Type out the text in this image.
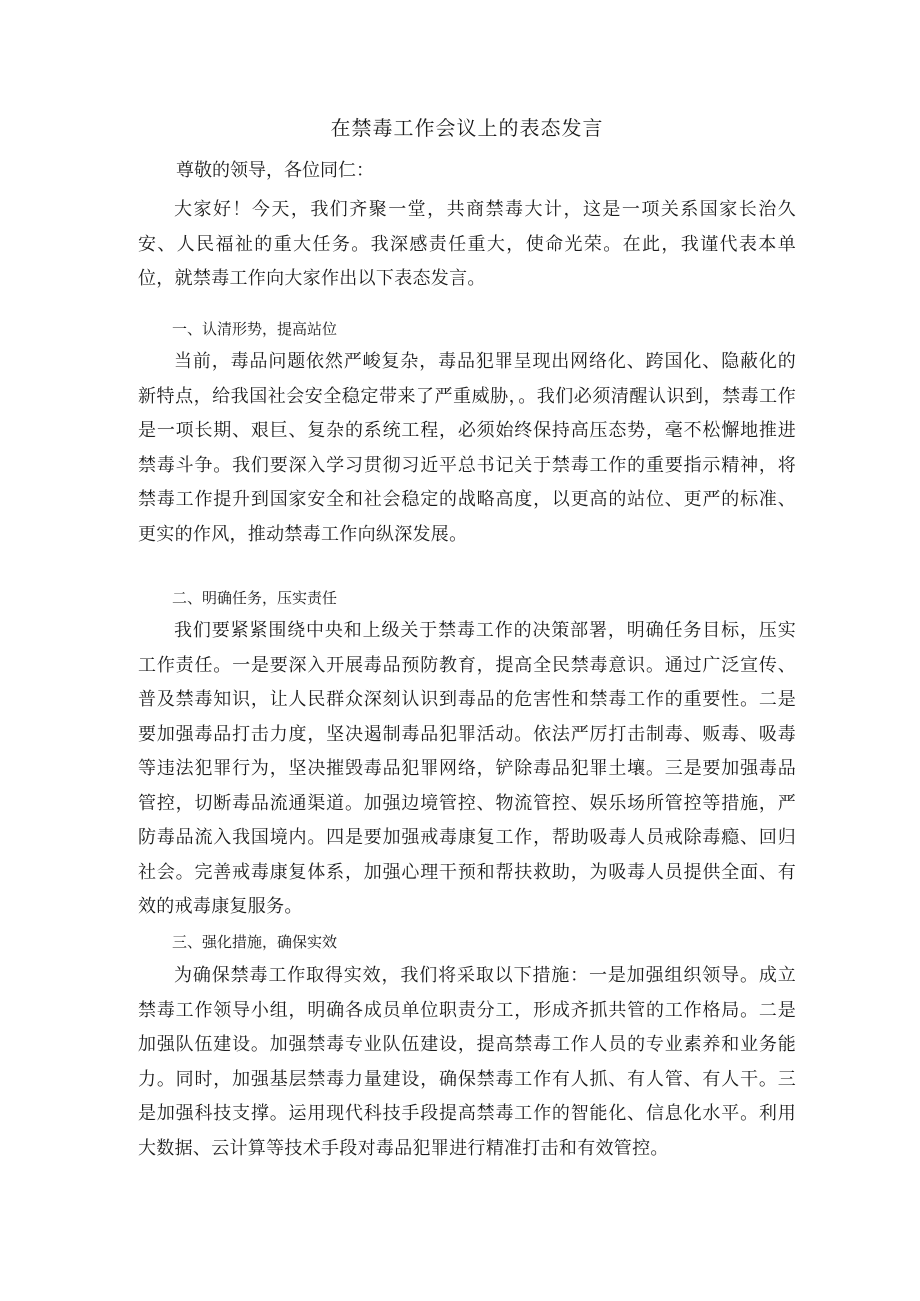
在禁毒工作会议上的表态发言

尊敬的领导，各位同仁：

大家好！今天，我们齐聚一堂，共商禁毒大计，这是一项关系国家长治久安、人民福祉的重大任务。我深感责任重大，使命光荣。在此，我谨代表本单位，就禁毒工作向大家作出以下表态发言。

一、认清形势，提高站位

当前，毒品问题依然严峻复杂，毒品犯罪呈现出网络化、跨国化、隐蔽化的新特点，给我国社会安全稳定带来了严重威胁，。我们必须清醒认识到，禁毒工作是一项长期、艰巨、复杂的系统工程，必须始终保持高压态势，毫不松懈地推进禁毒斗争。我们要深入学习贯彻习近平总书记关于禁毒工作的重要指示精神，将禁毒工作提升到国家安全和社会稳定的战略高度，以更高的站位、更严的标准、更实的作风，推动禁毒工作向纵深发展。

二、明确任务，压实责任

我们要紧紧围绕中央和上级关于禁毒工作的决策部署，明确任务目标，压实工作责任。一是要深入开展毒品预防教育，提高全民禁毒意识。通过广泛宣传、普及禁毒知识，让人民群众深刻认识到毒品的危害性和禁毒工作的重要性。二是要加强毒品打击力度，坚决遏制毒品犯罪活动。依法严厉打击制毒、贩毒、吸毒等违法犯罪行为，坚决摧毁毒品犯罪网络，铲除毒品犯罪土壤。三是要加强毒品管控，切断毒品流通渠道。加强边境管控、物流管控、娱乐场所管控等措施，严防毒品流入我国境内。四是要加强戒毒康复工作，帮助吸毒人员戒除毒瘾、回归社会。完善戒毒康复体系，加强心理干预和帮扶救助，为吸毒人员提供全面、有效的戒毒康复服务。

三、强化措施，确保实效

为确保禁毒工作取得实效，我们将采取以下措施：一是加强组织领导。成立禁毒工作领导小组，明确各成员单位职责分工，形成齐抓共管的工作格局。二是加强队伍建设。加强禁毒专业队伍建设，提高禁毒工作人员的专业素养和业务能力。同时，加强基层禁毒力量建设，确保禁毒工作有人抓、有人管、有人干。三是加强科技支撑。运用现代科技手段提高禁毒工作的智能化、信息化水平。利用大数据、云计算等技术手段对毒品犯罪进行精准打击和有效管控。
